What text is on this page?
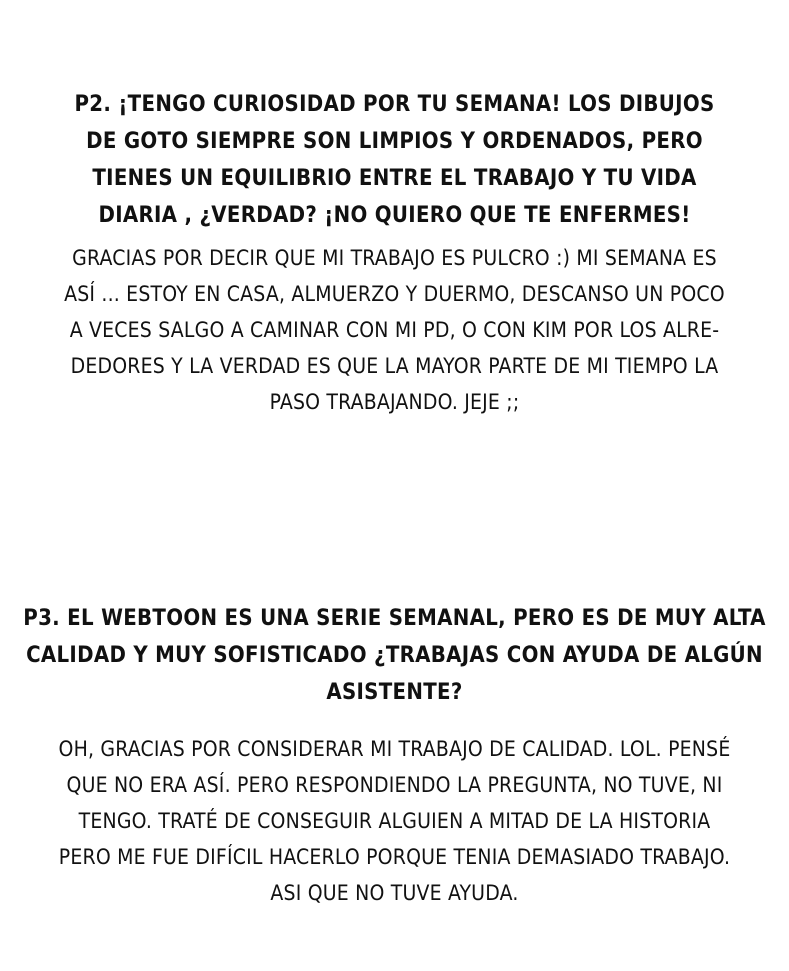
P2. ¡TENGO CURIOSIDAD POR TU SEMANA! LOS DIBUJOS
DE GOTO SIEMPRE SON LIMPIOS Y ORDENADOS, PERO
TIENES UN EQUILIBRIO ENTRE EL TRABAJO Y TU VIDA
DIARIA , ¿VERDAD? ¡NO QUIERO QUE TE ENFERMES!
GRACIAS POR DECIR QUE MI TRABAJO ES PULCRO :) MI SEMANA ES
ASÍ ... ESTOY EN CASA, ALMUERZO Y DUERMO, DESCANSO UN POCO
A VECES SALGO A CAMINAR CON MI PD, O CON KIM POR LOS ALRE-
DEDORES Y LA VERDAD ES QUE LA MAYOR PARTE DE MI TIEMPO LA
PASO TRABAJANDO. JEJE ;;
P3. EL WEBTOON ES UNA SERIE SEMANAL, PERO ES DE MUY ALTA
CALIDAD Y MUY SOFISTICADO ¿TRABAJAS CON AYUDA DE ALGÚN
ASISTENTE?
OH, GRACIAS POR CONSIDERAR MI TRABAJO DE CALIDAD. LOL. PENSÉ
QUE NO ERA ASÍ. PERO RESPONDIENDO LA PREGUNTA, NO TUVE, NI
TENGO. TRATÉ DE CONSEGUIR ALGUIEN A MITAD DE LA HISTORIA
PERO ME FUE DIFÍCIL HACERLO PORQUE TENIA DEMASIADO TRABAJO.
ASI QUE NO TUVE AYUDA.
